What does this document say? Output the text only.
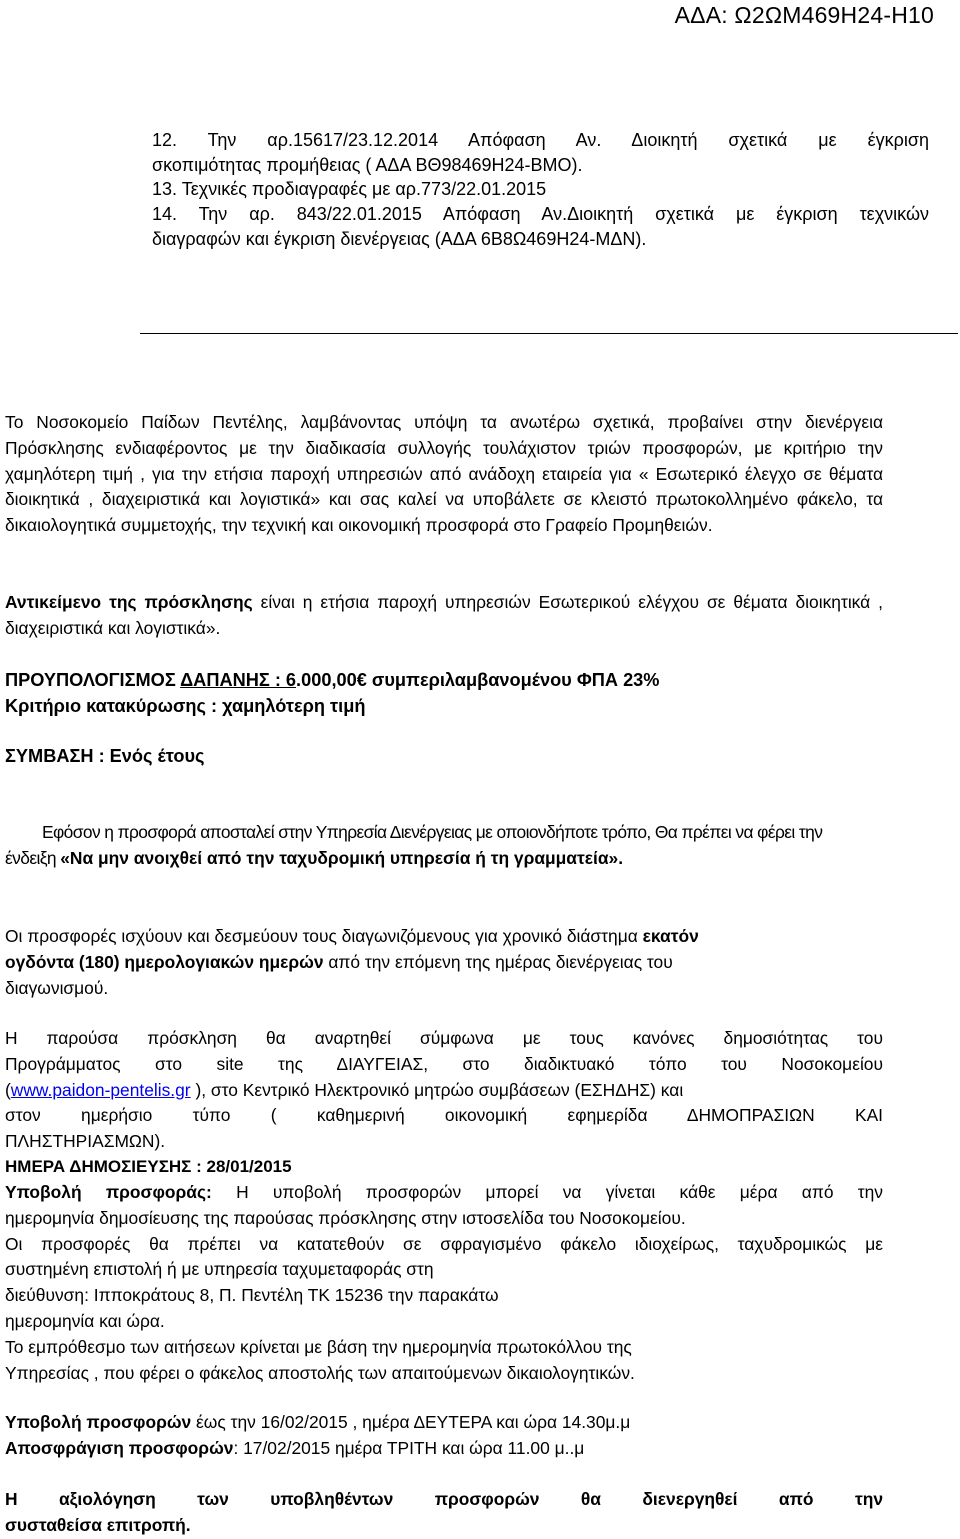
ΑΔΑ: Ω2ΩΜ469Η24-Η10
12. Την αρ.15617/23.12.2014 Απόφαση Αν. Διοικητή σχετικά με έγκριση
σκοπιμότητας προμήθειας ( ΑΔΑ ΒΘ98469Η24-ΒΜΟ).
13. Τεχνικές προδιαγραφές με αρ.773/22.01.2015
14. Την αρ. 843/22.01.2015 Απόφαση Αν.Διοικητή σχετικά με έγκριση τεχνικών
διαγραφών και έγκριση διενέργειας (ΑΔΑ 6Β8Ω469Η24-ΜΔΝ).
Το Νοσοκομείο Παίδων Πεντέλης, λαμβάνοντας υπόψη τα ανωτέρω σχετικά, προβαίνει στην διενέργεια Πρόσκλησης ενδιαφέροντος με την διαδικασία συλλογής τουλάχιστον τριών προσφορών, με κριτήριο την χαμηλότερη τιμή , για την ετήσια παροχή υπηρεσιών από ανάδοχη εταιρεία για « Εσωτερικό έλεγχο σε θέματα διοικητικά , διαχειριστικά και λογιστικά» και σας καλεί να υποβάλετε σε κλειστό πρωτοκολλημένο φάκελο, τα δικαιολογητικά συμμετοχής, την τεχνική και οικονομική προσφορά στο Γραφείο Προμηθειών.
Αντικείμενο της πρόσκλησης είναι η ετήσια παροχή υπηρεσιών Εσωτερικού ελέγχου σε θέματα διοικητικά , διαχειριστικά και λογιστικά».
ΠΡΟΥΠΟΛΟΓΙΣΜΟΣ ΔΑΠΑΝΗΣ : 6.000,00€ συμπεριλαμβανομένου ΦΠΑ 23%
Κριτήριο κατακύρωσης : χαμηλότερη τιμή
ΣΥΜΒΑΣΗ : Ενός έτους
Εφόσον η προσφορά αποσταλεί στην Υπηρεσία Διενέργειας με οποιονδήποτε τρόπο, Θα πρέπει να φέρει την
ένδειξη «Να μην ανοιχθεί από την ταχυδρομική υπηρεσία ή τη γραμματεία».
Οι προσφορές ισχύουν και δεσμεύουν τους διαγωνιζόμενους για χρονικό διάστημα εκατόν
ογδόντα (180) ημερολογιακών ημερών από την επόμενη της ημέρας διενέργειας του
διαγωνισμού.
Η παρούσα πρόσκληση θα αναρτηθεί σύμφωνα με τους κανόνες δημοσιότητας του
Προγράμματος στο site της ΔΙΑΥΓΕΙΑΣ, στο διαδικτυακό τόπο του Νοσοκομείου
(www.paidon-pentelis.gr ), στο Κεντρικό Ηλεκτρονικό μητρώο συμβάσεων (ΕΣΗΔΗΣ) και
στον ημερήσιο τύπο ( καθημερινή οικονομική εφημερίδα ΔΗΜΟΠΡΑΣΙΩΝ ΚΑΙ
ΠΛΗΣΤΗΡΙΑΣΜΩΝ).
ΗΜΕΡΑ ΔΗΜΟΣΙΕΥΣΗΣ : 28/01/2015
Υποβολή προσφοράς: Η υποβολή προσφορών μπορεί να γίνεται κάθε μέρα από την
ημερομηνία δημοσίευσης της παρούσας πρόσκλησης στην ιστοσελίδα του Νοσοκομείου.
Οι προσφορές θα πρέπει να κατατεθούν σε σφραγισμένο φάκελο ιδιοχείρως, ταχυδρομικώς με
συστημένη επιστολή ή με υπηρεσία ταχυμεταφοράς στη
διεύθυνση: Ιπποκράτους 8, Π. Πεντέλη ΤΚ 15236 την παρακάτω
ημερομηνία και ώρα.
Το εμπρόθεσμο των αιτήσεων κρίνεται με βάση την ημερομηνία πρωτοκόλλου της
Υπηρεσίας , που φέρει ο φάκελος αποστολής των απαιτούμενων δικαιολογητικών.
Υποβολή προσφορών έως την 16/02/2015 , ημέρα ΔΕΥΤΕΡΑ και ώρα 14.30μ.μ
Αποσφράγιση προσφορών: 17/02/2015 ημέρα ΤΡΙΤΗ και ώρα 11.00 μ..μ
Η αξιολόγηση των υποβληθέντων προσφορών θα διενεργηθεί από την
συσταθείσα επιτροπή.
